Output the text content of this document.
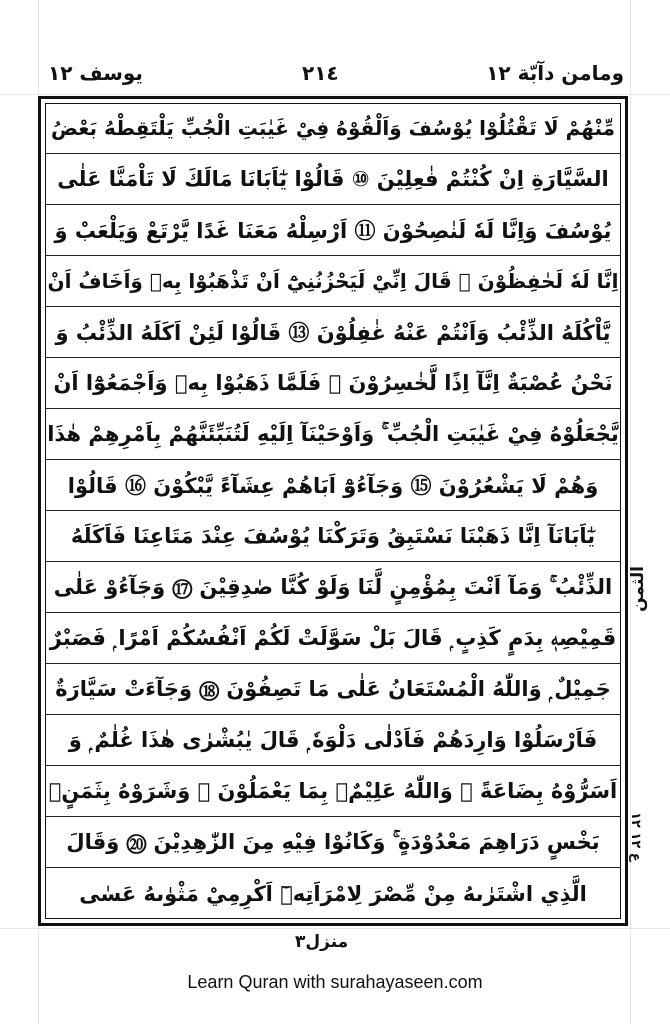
يوسف ١٢	٢١٤	ومامن دآبّة ١٢
مِّنْهُمْ لَا تَقْتُلُوْا يُوْسُفَ وَاَلْقُوْهُ فِيْ غَيٰبَتِ الْجُبِّ يَلْتَقِطْهُ بَعْضُ
السَّيَّارَةِ اِنْ كُنْتُمْ فٰعِلِيْنَ ⑩ قَالُوْا يٰٓاَبَانَا مَالَكَ لَا تَاْمَنَّا عَلٰى
يُوْسُفَ وَاِنَّا لَهٗ لَنٰصِحُوْنَ ⑪ اَرْسِلْهُ مَعَنَا غَدًا يَّرْتَعْ وَيَلْعَبْ وَ
اِنَّا لَهٗ لَحٰفِظُوْنَ ⑫ قَالَ اِنِّيْ لَيَحْزُنُنِيْٓ اَنْ تَذْهَبُوْا بِهٖ وَاَخَافُ اَنْ
يَّاْكُلَهُ الذِّئْبُ وَاَنْتُمْ عَنْهُ غٰفِلُوْنَ ⑬ قَالُوْا لَئِنْ اَكَلَهُ الذِّئْبُ وَ
نَحْنُ عُصْبَةٌ اِنَّآ اِذًا لَّخٰسِرُوْنَ ⑭ فَلَمَّا ذَهَبُوْا بِهٖ وَاَجْمَعُوْٓا اَنْ
يَّجْعَلُوْهُ فِيْ غَيٰبَتِ الْجُبِّ ۚ وَاَوْحَيْنَآ اِلَيْهِ لَتُنَبِّئَنَّهُمْ بِاَمْرِهِمْ هٰذَا
وَهُمْ لَا يَشْعُرُوْنَ ⑮ وَجَآءُوْٓ اَبَاهُمْ عِشَآءً يَّبْكُوْنَ ⑯ قَالُوْا
يٰٓاَبَانَآ اِنَّا ذَهَبْنَا نَسْتَبِقُ وَتَرَكْنَا يُوْسُفَ عِنْدَ مَتَاعِنَا فَاَكَلَهُ
الذِّئْبُ ۚ وَمَآ اَنْتَ بِمُؤْمِنٍ لَّنَا وَلَوْ كُنَّا صٰدِقِيْنَ ⑰ وَجَآءُوْ عَلٰى
قَمِيْصِهٖ بِدَمٍ كَذِبٍ ۭ قَالَ بَلْ سَوَّلَتْ لَكُمْ اَنْفُسُكُمْ اَمْرًا ۭ فَصَبْرٌ
جَمِيْلٌ ۭ وَاللّٰهُ الْمُسْتَعَانُ عَلٰى مَا تَصِفُوْنَ ⑱ وَجَآءَتْ سَيَّارَةٌ
فَاَرْسَلُوْا وَارِدَهُمْ فَاَدْلٰى دَلْوَهٗ ۭ قَالَ يٰبُشْرٰى هٰذَا غُلٰمٌ ۭ وَ
اَسَرُّوْهُ بِضَاعَةً ۭ وَاللّٰهُ عَلِيْمٌۢ بِمَا يَعْمَلُوْنَ ⑲ وَشَرَوْهُ بِثَمَنٍۢ
بَخْسٍ دَرَاهِمَ مَعْدُوْدَةٍ ۚ وَكَانُوْا فِيْهِ مِنَ الزّٰهِدِيْنَ ⑳ وَقَالَ
الَّذِي اشْتَرٰىهُ مِنْ مِّصْرَ لِامْرَاَتِهٖٓ اَكْرِمِيْ مَثْوٰىهُ عَسٰى
الثمن
ع ١٢ ١٢
منزل٣
Learn Quran with surahayaseen.com
